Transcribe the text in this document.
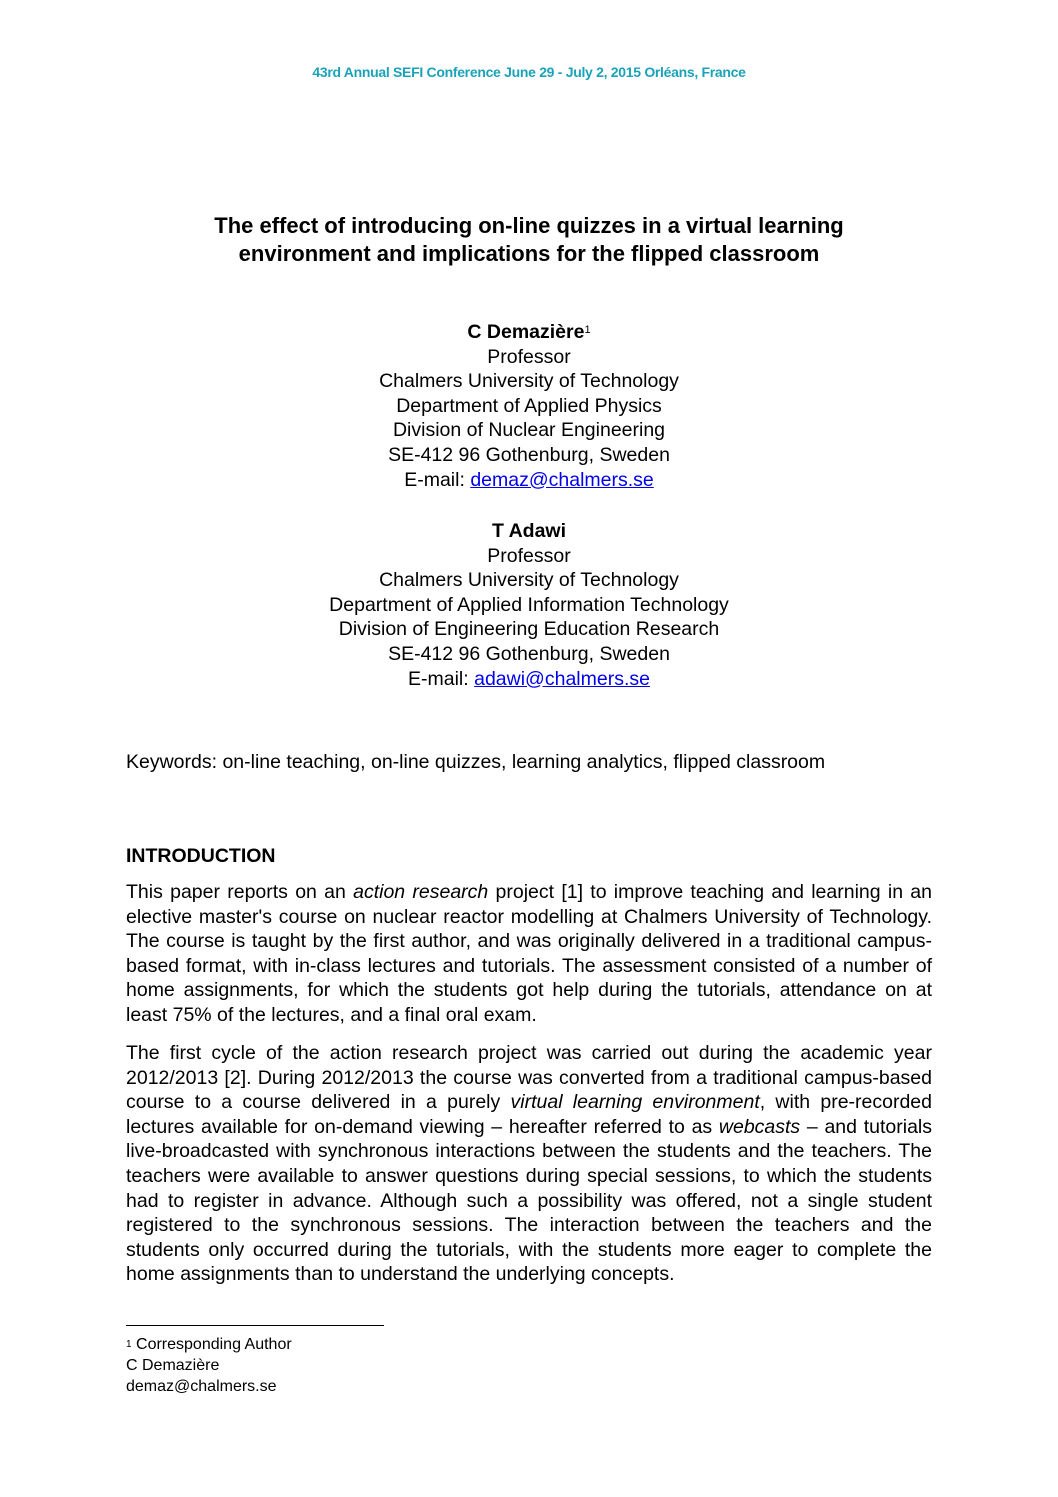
43rd Annual SEFI Conference June 29 - July 2, 2015 Orléans, France
The effect of introducing on-line quizzes in a virtual learning
environment and implications for the flipped classroom
C Demazière$^1$
Professor
Chalmers University of Technology
Department of Applied Physics
Division of Nuclear Engineering
SE-412 96 Gothenburg, Sweden
E-mail: demaz@chalmers.se
T Adawi
Professor
Chalmers University of Technology
Department of Applied Information Technology
Division of Engineering Education Research
SE-412 96 Gothenburg, Sweden
E-mail: adawi@chalmers.se
Keywords: on-line teaching, on-line quizzes, learning analytics, flipped classroom
INTRODUCTION

This paper reports on an action research project [1] to improve teaching and learning in an elective master's course on nuclear reactor modelling at Chalmers University of Technology. The course is taught by the first author, and was originally delivered in a traditional campus-based format, with in-class lectures and tutorials. The assessment consisted of a number of home assignments, for which the students got help during the tutorials, attendance on at least 75% of the lectures, and a final oral exam.

The first cycle of the action research project was carried out during the academic year 2012/2013 [2]. During 2012/2013 the course was converted from a traditional campus-based course to a course delivered in a purely virtual learning environment, with pre-recorded lectures available for on-demand viewing – hereafter referred to as webcasts – and tutorials live-broadcasted with synchronous interactions between the students and the teachers. The teachers were available to answer questions during special sessions, to which the students had to register in advance. Although such a possibility was offered, not a single student registered to the synchronous sessions. The interaction between the teachers and the students only occurred during the tutorials, with the students more eager to complete the home assignments than to understand the underlying concepts.

$^1$ Corresponding Author
C Demazière
demaz@chalmers.se
